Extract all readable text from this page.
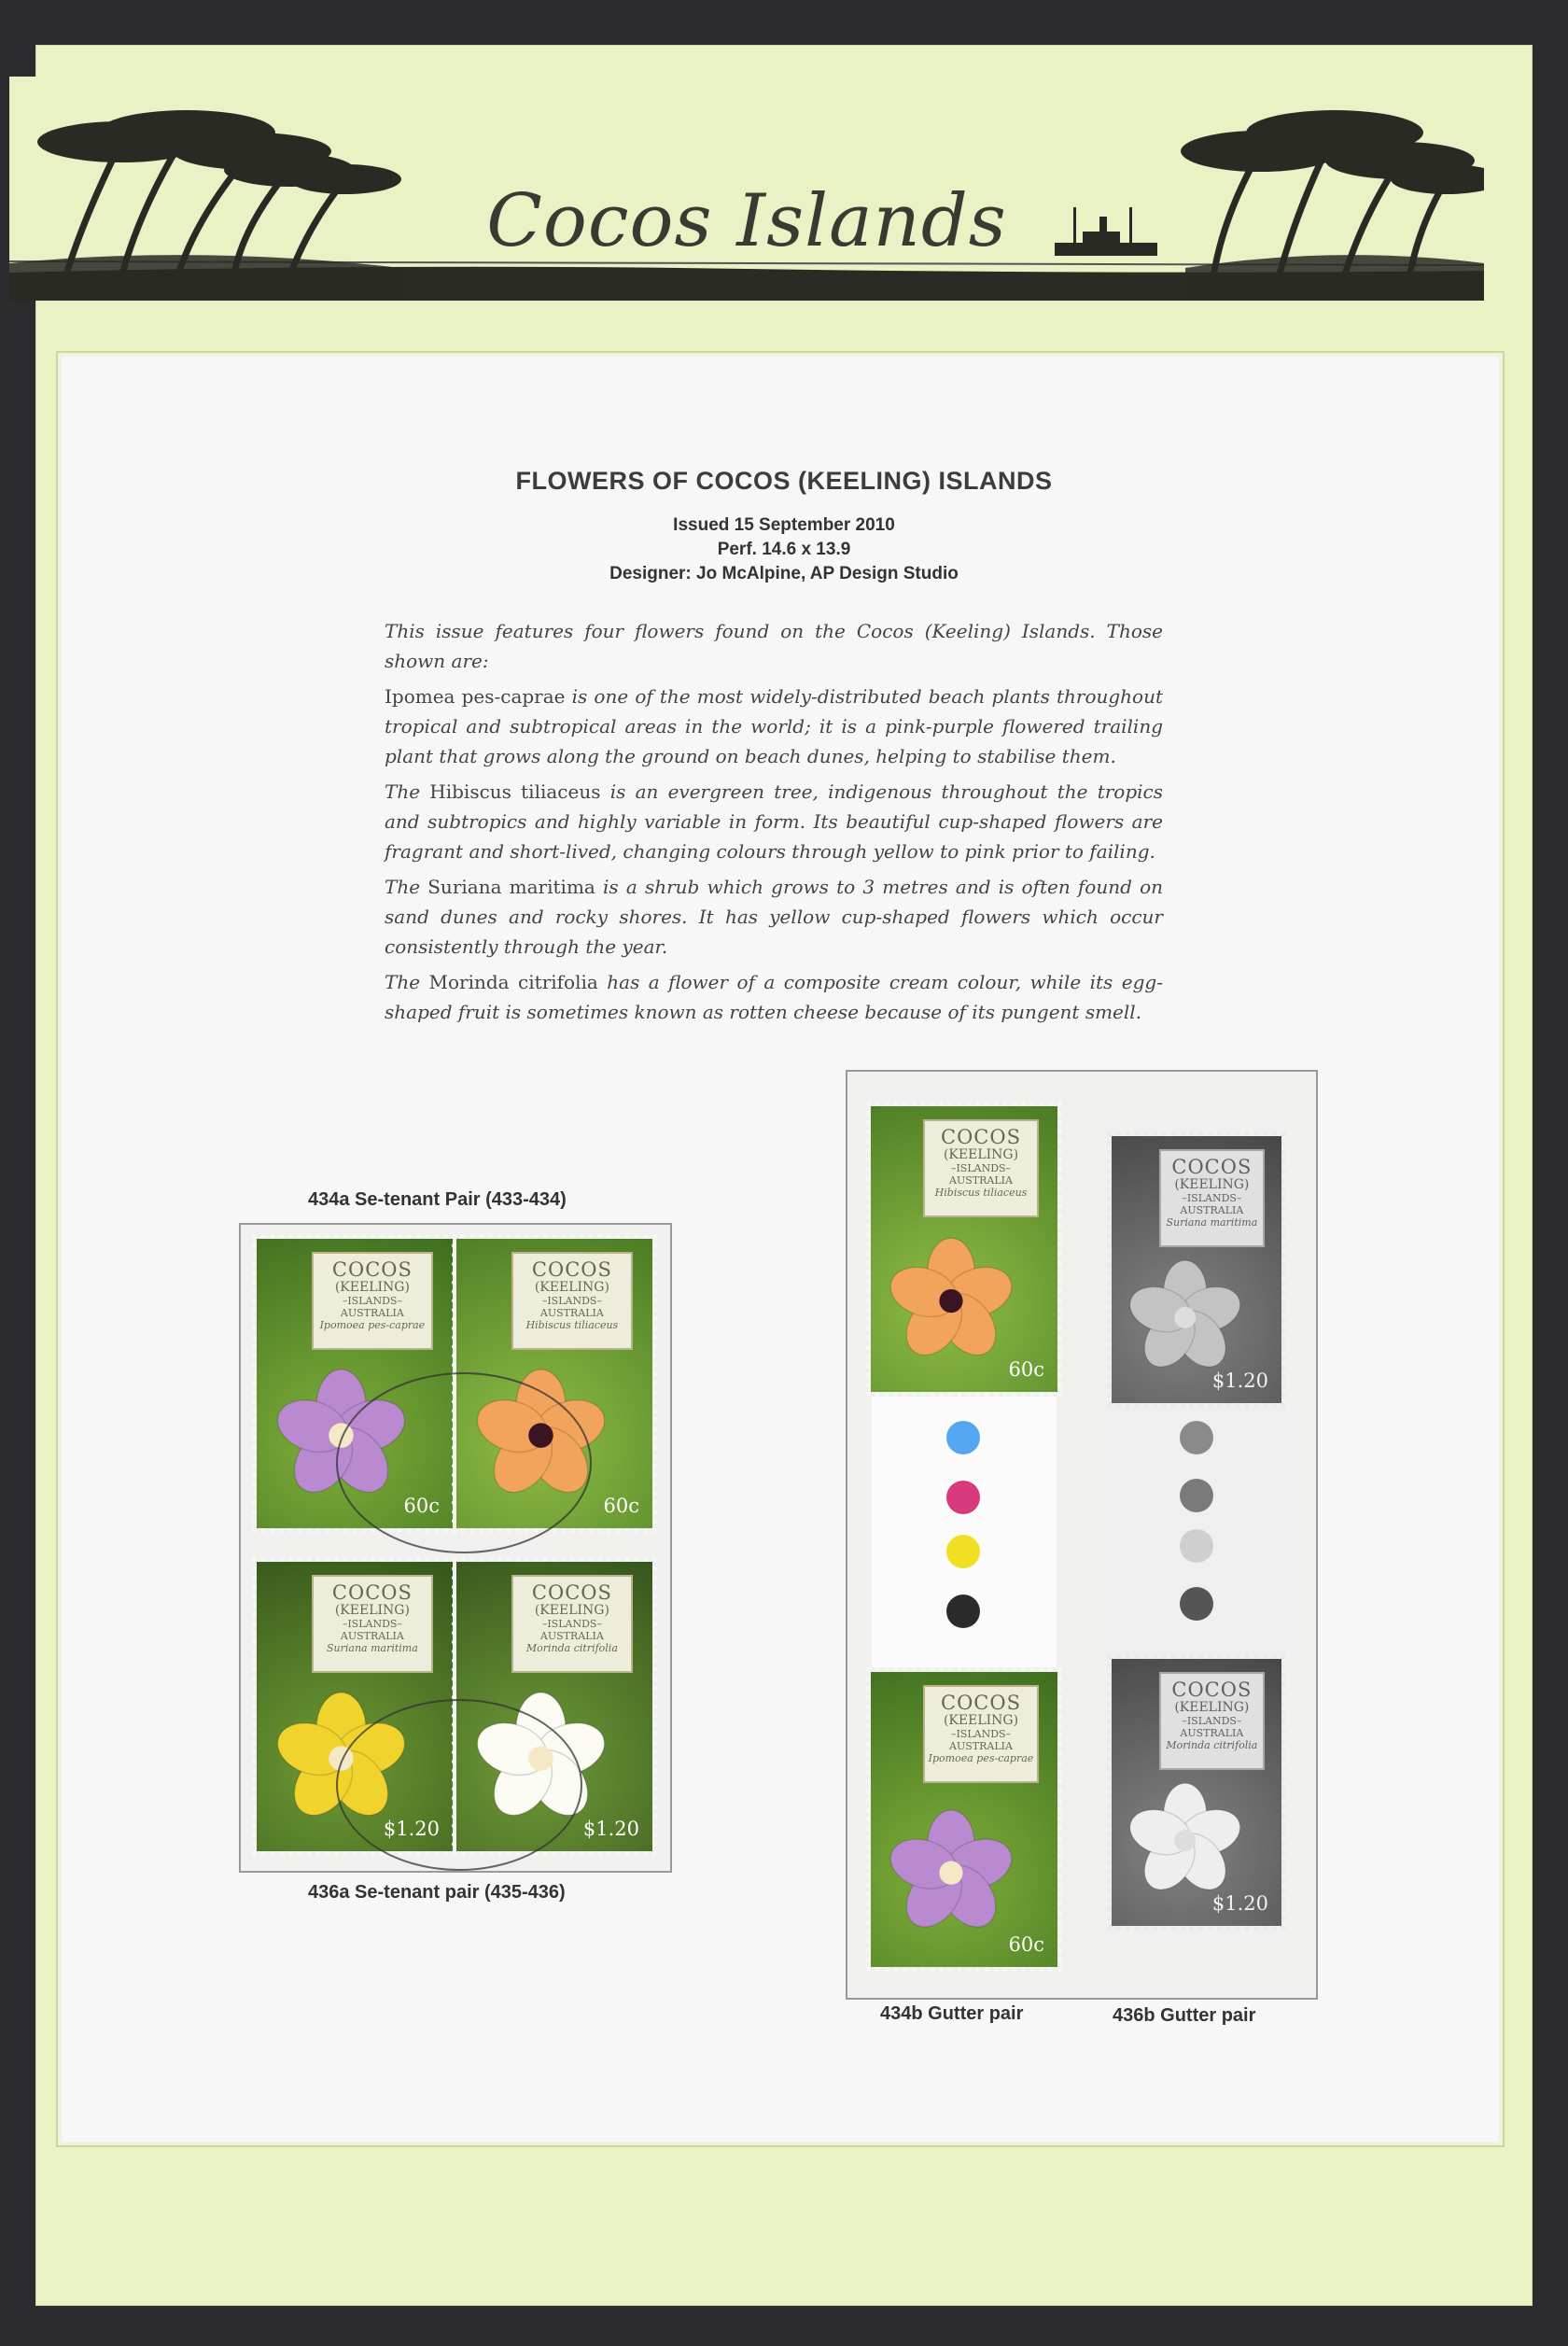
Cocos Islands
FLOWERS OF COCOS (KEELING) ISLANDS
Issued 15 September 2010
Perf. 14.6 x 13.9
Designer: Jo McAlpine, AP Design Studio

This issue features four flowers found on the Cocos (Keeling) Islands. Those shown are:

Ipomea pes-caprae is one of the most widely-distributed beach plants throughout tropical and subtropical areas in the world; it is a pink-purple flowered trailing plant that grows along the ground on beach dunes, helping to stabilise them.

The Hibiscus tiliaceus is an evergreen tree, indigenous throughout the tropics and subtropics and highly variable in form. Its beautiful cup-shaped flowers are fragrant and short-lived, changing colours through yellow to pink prior to failing.

The Suriana maritima is a shrub which grows to 3 metres and is often found on sand dunes and rocky shores. It has yellow cup-shaped flowers which occur consistently through the year.

The Morinda citrifolia has a flower of a composite cream colour, while its egg-shaped fruit is sometimes known as rotten cheese because of its pungent smell.

434a Se-tenant Pair (433-434)
COCOS
(KEELING)
–ISLANDS–
AUSTRALIA
Ipomoea pes-caprae
60c
COCOS
(KEELING)
–ISLANDS–
AUSTRALIA
Hibiscus tiliaceus
60c
COCOS
(KEELING)
–ISLANDS–
AUSTRALIA
Suriana maritima
$1.20
COCOS
(KEELING)
–ISLANDS–
AUSTRALIA
Morinda citrifolia
$1.20
436a Se-tenant pair (435-436)
COCOS
(KEELING)
–ISLANDS–
AUSTRALIA
Hibiscus tiliaceus
60c
COCOS
(KEELING)
–ISLANDS–
AUSTRALIA
Ipomoea pes-caprae
60c
COCOS
(KEELING)
–ISLANDS–
AUSTRALIA
Suriana maritima
$1.20
COCOS
(KEELING)
–ISLANDS–
AUSTRALIA
Morinda citrifolia
$1.20
434b Gutter pair	436b Gutter pair
